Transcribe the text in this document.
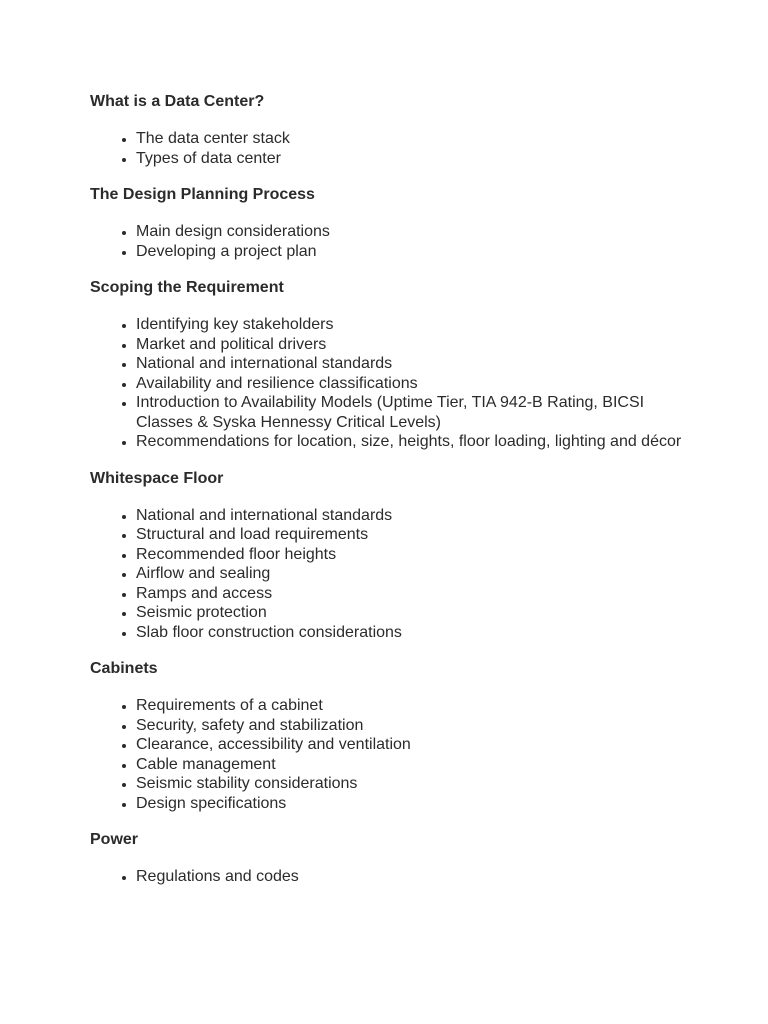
What is a Data Center?
• The data center stack
• Types of data center
The Design Planning Process
• Main design considerations
• Developing a project plan
Scoping the Requirement
• Identifying key stakeholders
• Market and political drivers
• National and international standards
• Availability and resilience classifications
• Introduction to Availability Models (Uptime Tier, TIA 942-B Rating, BICSI Classes & Syska Hennessy Critical Levels)
• Recommendations for location, size, heights, floor loading, lighting and décor
Whitespace Floor
• National and international standards
• Structural and load requirements
• Recommended floor heights
• Airflow and sealing
• Ramps and access
• Seismic protection
• Slab floor construction considerations
Cabinets
• Requirements of a cabinet
• Security, safety and stabilization
• Clearance, accessibility and ventilation
• Cable management
• Seismic stability considerations
• Design specifications
Power
• Regulations and codes
